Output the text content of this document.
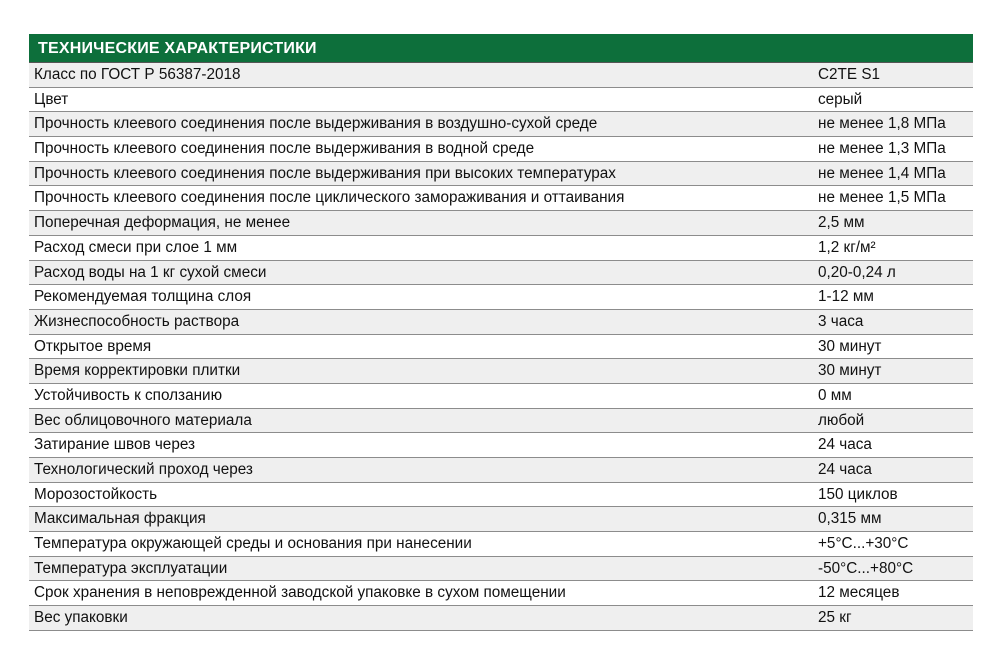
ТЕХНИЧЕСКИЕ ХАРАКТЕРИСТИКИ
Класс по ГОСТ Р 56387-2018	C2TE S1
Цвет	серый
Прочность клеевого соединения после выдерживания в воздушно-сухой среде	не менее 1,8 МПа
Прочность клеевого соединения после выдерживания в водной среде	не менее 1,3 МПа
Прочность клеевого соединения после выдерживания при высоких температурах	не менее 1,4 МПа
Прочность клеевого соединения после циклического замораживания и оттаивания	не менее 1,5 МПа
Поперечная деформация, не менее	2,5 мм
Расход смеси при слое 1 мм	1,2 кг/м²
Расход воды на 1 кг сухой смеси	0,20-0,24 л
Рекомендуемая толщина слоя	1-12 мм
Жизнеспособность раствора	3 часа
Открытое время	30 минут
Время корректировки плитки	30 минут
Устойчивость к сползанию	0 мм
Вес облицовочного материала	любой
Затирание швов через	24 часа
Технологический проход через	24 часа
Морозостойкость	150 циклов
Максимальная фракция	0,315 мм
Температура окружающей среды и основания при нанесении	+5°С...+30°С
Температура эксплуатации	-50°С...+80°С
Срок хранения в неповрежденной заводской упаковке в сухом помещении	12 месяцев
Вес упаковки	25 кг
